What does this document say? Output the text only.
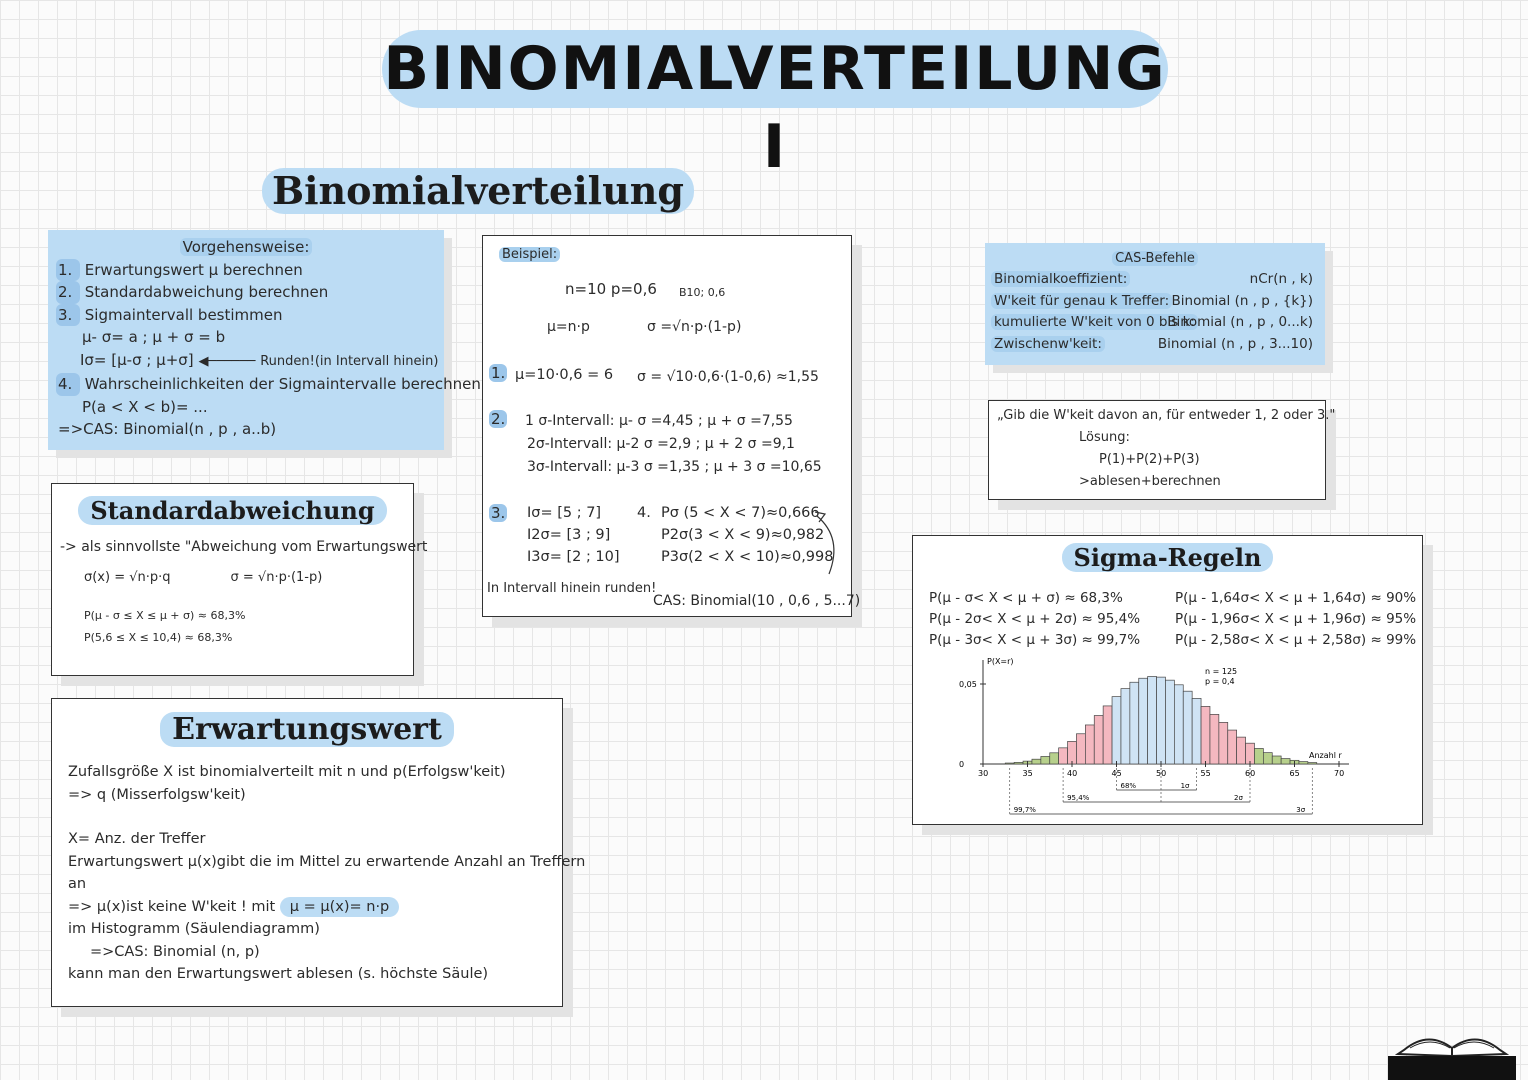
BINOMIALVERTEILUNG I
Binomialverteilung
Vorgehensweise:
1. Erwartungswert μ berechnen
2. Standardabweichung berechnen
3. Sigmaintervall bestimmen
μ- σ= a ; μ + σ = b
Iσ= [μ-σ ; μ+σ] ◀────── Runden!(in Intervall hinein)
4. Wahrscheinlichkeiten der Sigmaintervalle berechnen
P(a < X < b)= ...
=>CAS: Binomial(n , p , a..b)
Standardabweichung
-> als sinnvollste "Abweichung vom Erwartungswert
σ(x) = √n·p·q	σ = √n·p·(1-p)
P(μ - σ ≤ X ≤ μ + σ) ≈ 68,3%
P(5,6 ≤ X ≤ 10,4) ≈ 68,3%
Erwartungswert
Zufallsgröße X ist binomialverteilt mit n und p(Erfolgsw'keit)
=> q (Misserfolgsw'keit)
X= Anz. der Treffer
Erwartungswert μ(x)gibt die im Mittel zu erwartende Anzahl an Treffern
an
=> μ(x)ist keine W'keit ! mit μ = μ(x)= n·p
im Histogramm (Säulendiagramm)
=>CAS: Binomial (n, p)
kann man den Erwartungswert ablesen (s. höchste Säule)
Beispiel:
n=10 p=0,6 B10; 0,6
μ=n·p	σ =√n·p·(1-p)
1. μ=10·0,6 = 6 σ = √10·0,6·(1-0,6) ≈1,55
2. 1 σ-Intervall: μ- σ =4,45 ; μ + σ =7,55
2σ-Intervall: μ-2 σ =2,9 ; μ + 2 σ =9,1
3σ-Intervall: μ-3 σ =1,35 ; μ + 3 σ =10,65
3. Iσ= [5 ; 7]
I2σ= [3 ; 9]
I3σ= [2 ; 10]
4. Pσ (5 < X < 7)≈0,666
P2σ(3 < X < 9)≈0,982
P3σ(2 < X < 10)≈0,998
In Intervall hinein runden!
CAS: Binomial(10 , 0,6 , 5...7)
CAS-Befehle
Binomialkoeffizient:	nCr(n , k)
W'keit für genau k Treffer: Binomial (n , p , {k})
kumulierte W'keit von 0 bis k:
Binomial (n , p , 0...k)
Zwischenw'keit:	Binomial (n , p , 3...10)
„Gib die W'keit davon an, für entweder 1, 2 oder 3."
Lösung:
P(1)+P(2)+P(3)
>ablesen+berechnen
Sigma-Regeln
P(μ - σ< X < μ + σ) ≈ 68,3%
P(μ - 2σ< X < μ + 2σ) ≈ 95,4%
P(μ - 3σ< X < μ + 3σ) ≈ 99,7%
P(μ - 1,64σ< X < μ + 1,64σ) ≈ 90%
P(μ - 1,96σ< X < μ + 1,96σ) ≈ 95%
P(μ - 2,58σ< X < μ + 2,58σ) ≈ 99%
P(X=r)
Anzahl r
n = 125
p = 0,4
0
0,05
30	35	40	45	50	55	60	65	70
68%	1σ
95,4%	2σ
99,7%	3σ
